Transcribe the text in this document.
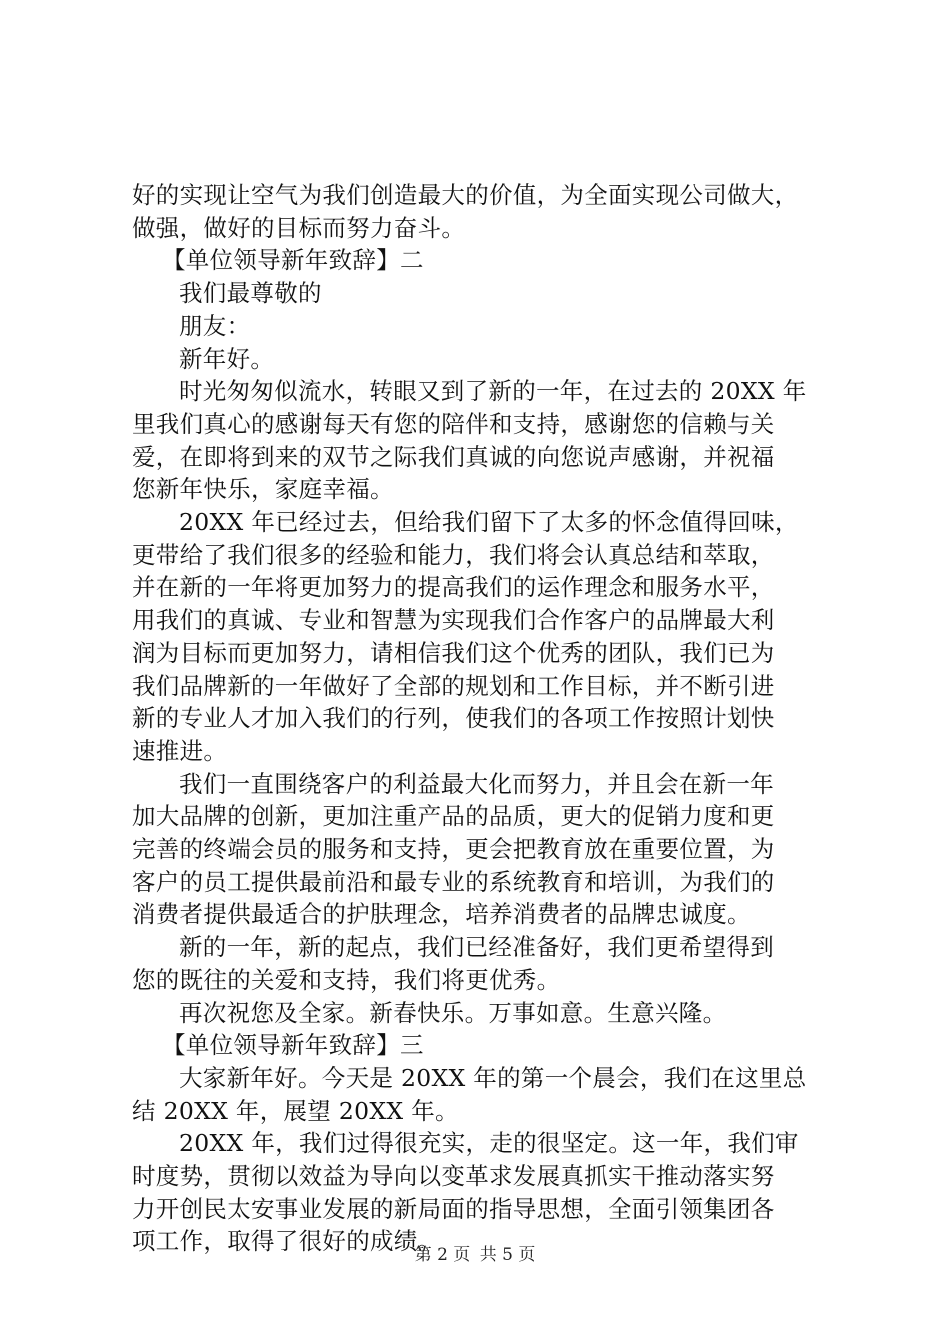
好的实现让空气为我们创造最大的价值，为全面实现公司做大，
做强，做好的目标而努力奋斗。
【单位领导新年致辞】二
我们最尊敬的
朋友：
新年好。
时光匆匆似流水，转眼又到了新的一年，在过去的 20XX 年
里我们真心的感谢每天有您的陪伴和支持，感谢您的信赖与关
爱，在即将到来的双节之际我们真诚的向您说声感谢，并祝福
您新年快乐，家庭幸福。
20XX 年已经过去，但给我们留下了太多的怀念值得回味，
更带给了我们很多的经验和能力，我们将会认真总结和萃取，
并在新的一年将更加努力的提高我们的运作理念和服务水平，
用我们的真诚、专业和智慧为实现我们合作客户的品牌最大利
润为目标而更加努力，请相信我们这个优秀的团队，我们已为
我们品牌新的一年做好了全部的规划和工作目标，并不断引进
新的专业人才加入我们的行列，使我们的各项工作按照计划快
速推进。
我们一直围绕客户的利益最大化而努力，并且会在新一年
加大品牌的创新，更加注重产品的品质，更大的促销力度和更
完善的终端会员的服务和支持，更会把教育放在重要位置，为
客户的员工提供最前沿和最专业的系统教育和培训，为我们的
消费者提供最适合的护肤理念，培养消费者的品牌忠诚度。
新的一年，新的起点，我们已经准备好，我们更希望得到
您的既往的关爱和支持，我们将更优秀。
再次祝您及全家。新春快乐。万事如意。生意兴隆。
【单位领导新年致辞】三
大家新年好。今天是 20XX 年的第一个晨会，我们在这里总
结 20XX 年，展望 20XX 年。
20XX 年，我们过得很充实，走的很坚定。这一年，我们审
时度势，贯彻以效益为导向以变革求发展真抓实干推动落实努
力开创民太安事业发展的新局面的指导思想，全面引领集团各
项工作，取得了很好的成绩。
第 2 页 共 5 页
